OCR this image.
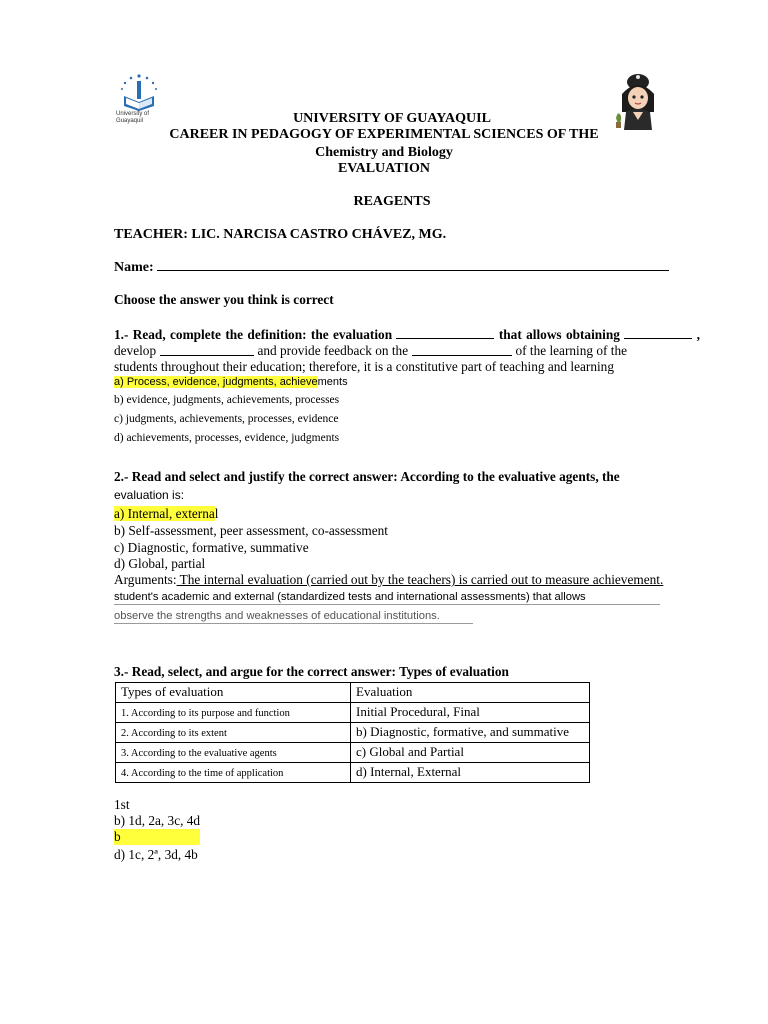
University of
Guayaquil	UNIVERSITY OF GUAYAQUIL
CAREER IN PEDAGOGY OF EXPERIMENTAL SCIENCES OF THE
Chemistry and Biology
EVALUATION
REAGENTS
TEACHER: LIC. NARCISA CASTRO CHÁVEZ, MG.
Name:
Choose the answer you think is correct
1.- Read, complete the definition: the evaluation	that allows obtaining	,
develop	and provide feedback on the	of the learning of the
students throughout their education; therefore, it is a constitutive part of teaching and learning
a) Process, evidence, judgments, achievements
b) evidence, judgments, achievements, processes
c) judgments, achievements, processes, evidence
d) achievements, processes, evidence, judgments
2.- Read and select and justify the correct answer: According to the evaluative agents, the
evaluation is:
a) Internal, external
b) Self-assessment, peer assessment, co-assessment
c) Diagnostic, formative, summative
d) Global, partial
Arguments: The internal evaluation (carried out by the teachers) is carried out to measure achievement.
student's academic and external (standardized tests and international assessments) that allows
observe the strengths and weaknesses of educational institutions.
3.- Read, select, and argue for the correct answer: Types of evaluation
Types of evaluation	Evaluation
1. According to its purpose and function	Initial Procedural, Final
2. According to its extent	b) Diagnostic, formative, and summative
3. According to the evaluative agents	c) Global and Partial
4. According to the time of application	d) Internal, External
1st
b) 1d, 2a, 3c, 4d
b
d) 1c, 2ª, 3d, 4b
